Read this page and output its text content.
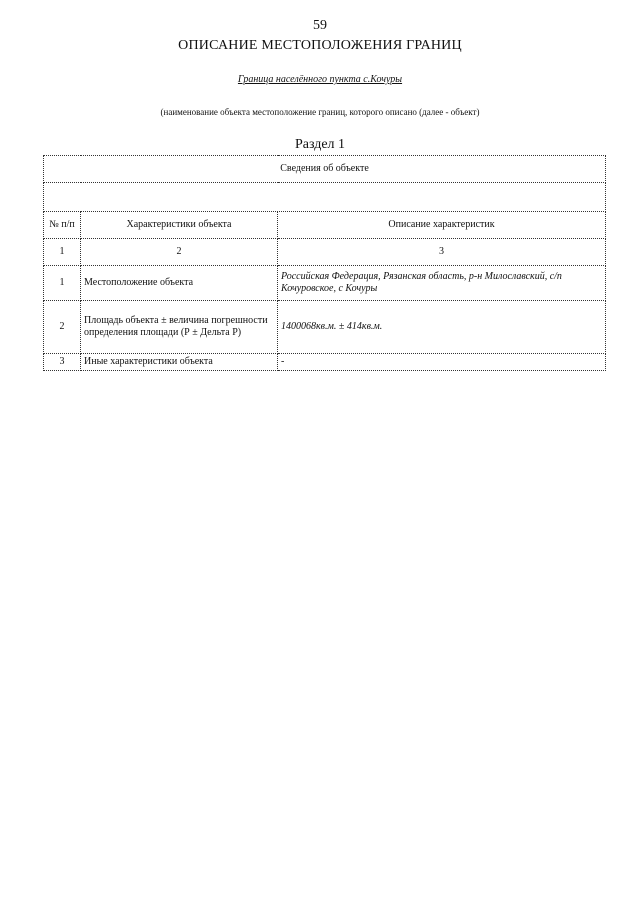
59
ОПИСАНИЕ МЕСТОПОЛОЖЕНИЯ ГРАНИЦ
Граница населённого пункта с.Кочуры
(наименование объекта местоположение границ, которого описано (далее - объект)
Раздел 1
Сведения об объекте		

№ п/п	Характеристики объекта	Описание характеристик
1	2	3
1	Местоположение объекта	Российская Федерация, Рязанская область, р-н Милославский, с/п Кочуровское, с Кочуры
2	Площадь объекта ± величина погрешности определения площади (Р ± Дельта Р)	1400068кв.м. ± 414кв.м.
3	Иные характеристики объекта	-
